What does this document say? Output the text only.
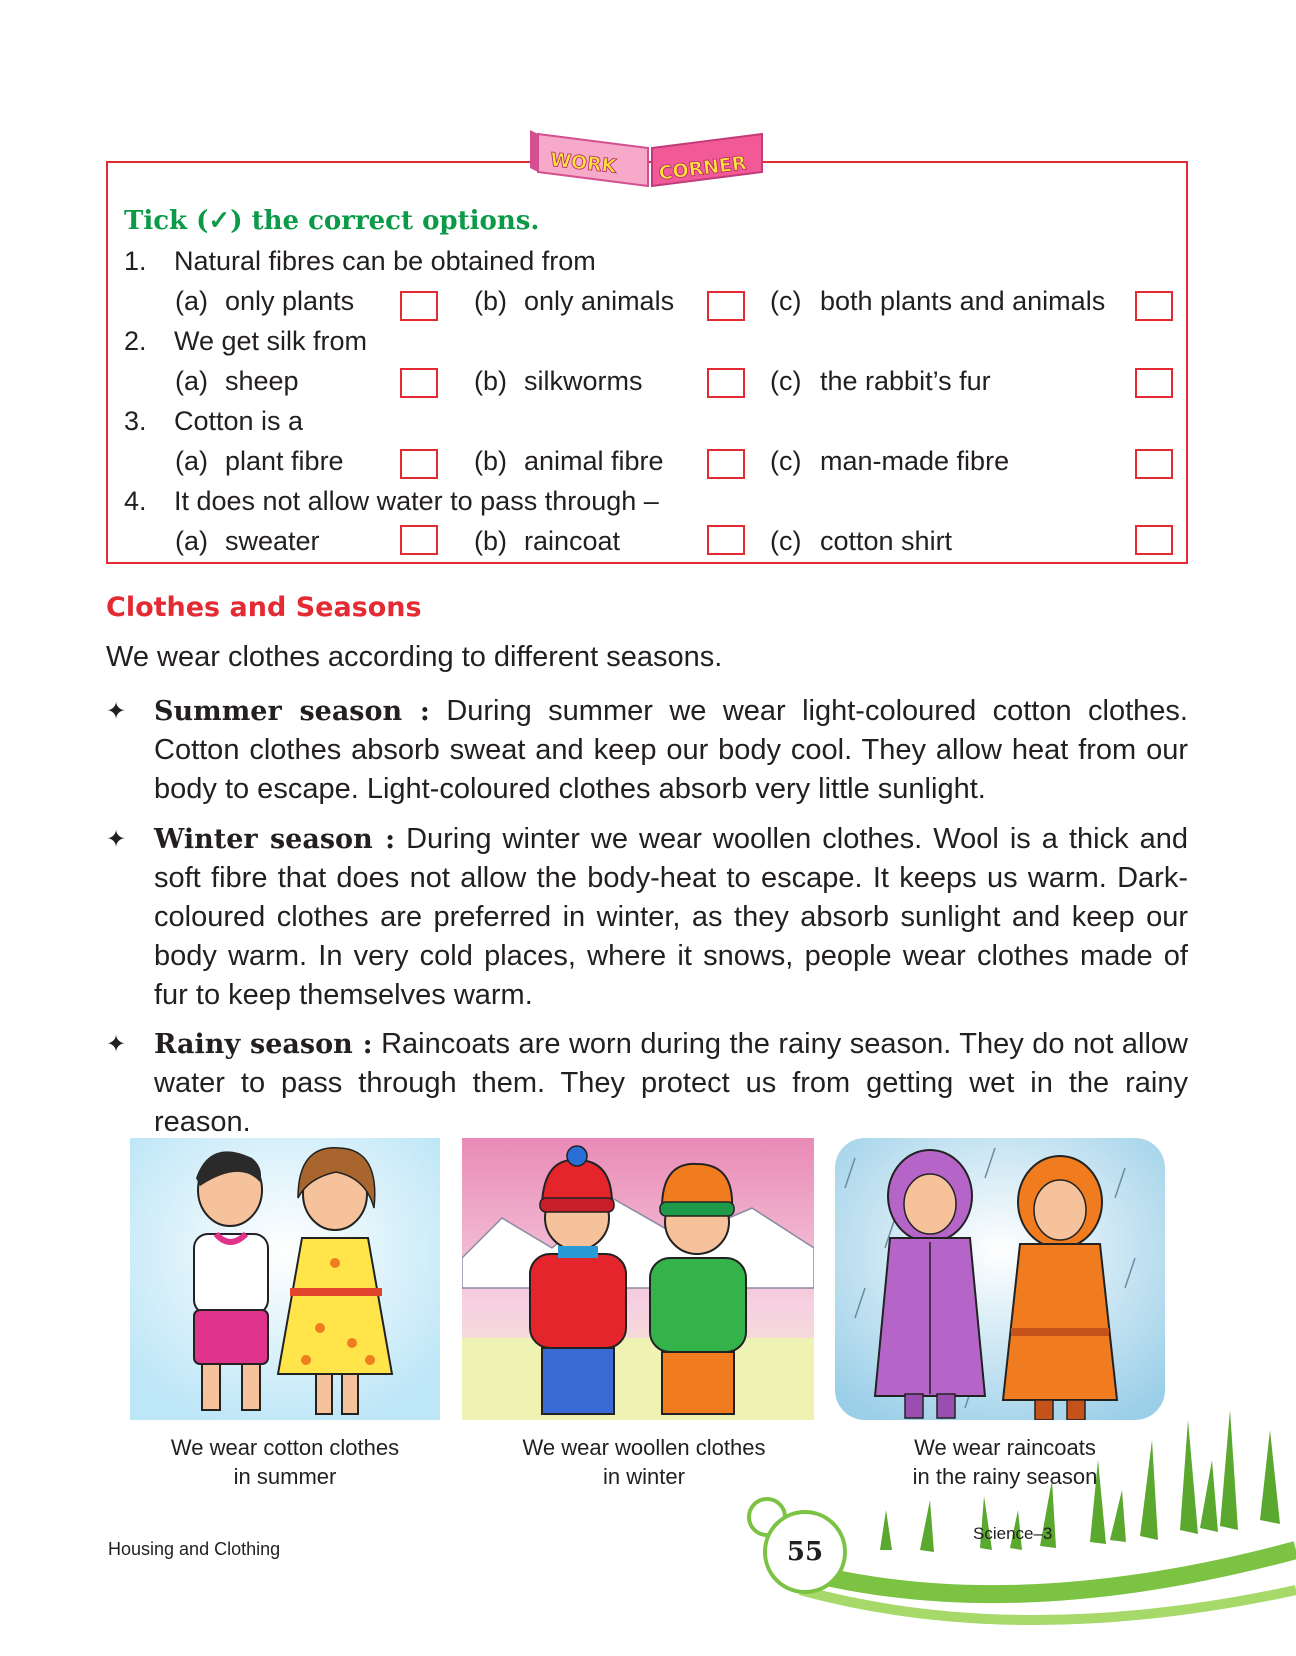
WORK CORNER
Tick (✓) the correct options.
1. Natural fibres can be obtained from
(a) only plants	(b) only animals	(c) both plants and animals
2. We get silk from
(a) sheep	(b) silkworms	(c) the rabbit’s fur
3. Cotton is a
(a) plant fibre	(b) animal fibre	(c) man-made fibre
4. It does not allow water to pass through –
(a) sweater	(b) raincoat	(c) cotton shirt
Clothes and Seasons
We wear clothes according to different seasons.
✦ Summer season : During summer we wear light-coloured cotton clothes. Cotton clothes absorb sweat and keep our body cool. They allow heat from our body to escape. Light-coloured clothes absorb very little sunlight.
✦ Winter season : During winter we wear woollen clothes. Wool is a thick and soft fibre that does not allow the body-heat to escape. It keeps us warm. Dark-coloured clothes are preferred in winter, as they absorb sunlight and keep our body warm. In very cold places, where it snows, people wear clothes made of fur to keep themselves warm.
✦ Rainy season : Raincoats are worn during the rainy season. They do not allow water to pass through them. They protect us from getting wet in the rainy reason.
We wear cotton clothes
in summer
We wear woollen clothes
in winter
We wear raincoats
in the rainy season
Housing and Clothing	55
Science–3
